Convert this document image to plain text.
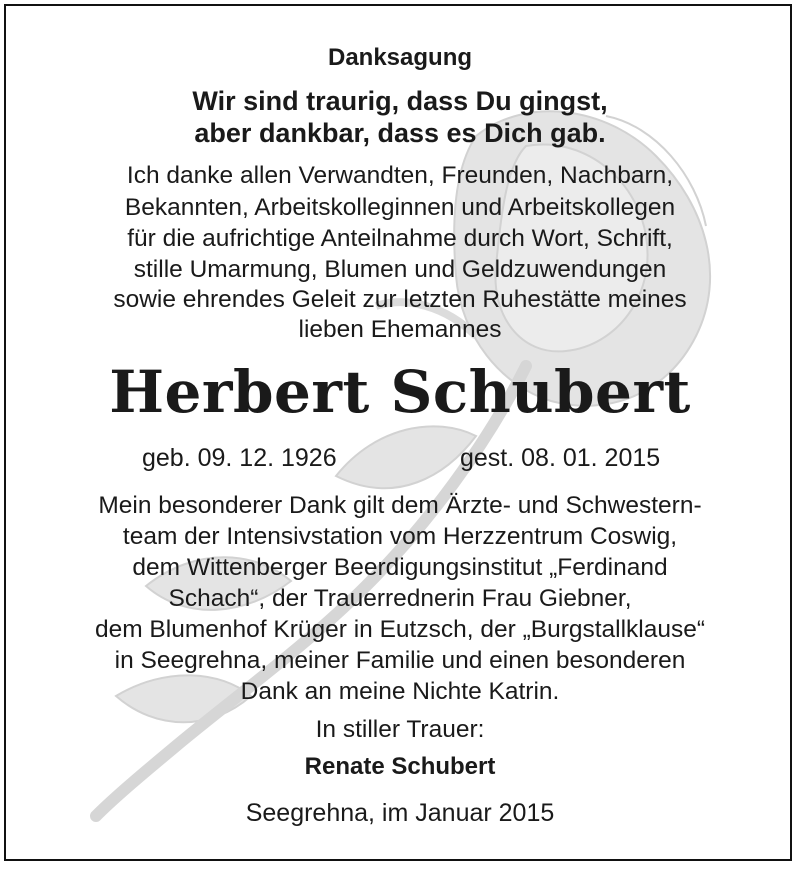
Danksagung
Wir sind traurig, dass Du gingst,
aber dankbar, dass es Dich gab.
Ich danke allen Verwandten, Freunden, Nachbarn,
Bekannten, Arbeitskolleginnen und Arbeitskollegen
für die aufrichtige Anteilnahme durch Wort, Schrift,
stille Umarmung, Blumen und Geldzuwendungen
sowie ehrendes Geleit zur letzten Ruhestätte meines
lieben Ehemannes
Herbert Schubert
geb. 09. 12. 1926	gest. 08. 01. 2015
Mein besonderer Dank gilt dem Ärzte- und Schwestern-
team der Intensivstation vom Herzzentrum Coswig,
dem Wittenberger Beerdigungsinstitut „Ferdinand
Schach“, der Trauerrednerin Frau Giebner,
dem Blumenhof Krüger in Eutzsch, der „Burgstallklause“
in Seegrehna, meiner Familie und einen besonderen
Dank an meine Nichte Katrin.
In stiller Trauer:
Renate Schubert
Seegrehna, im Januar 2015
